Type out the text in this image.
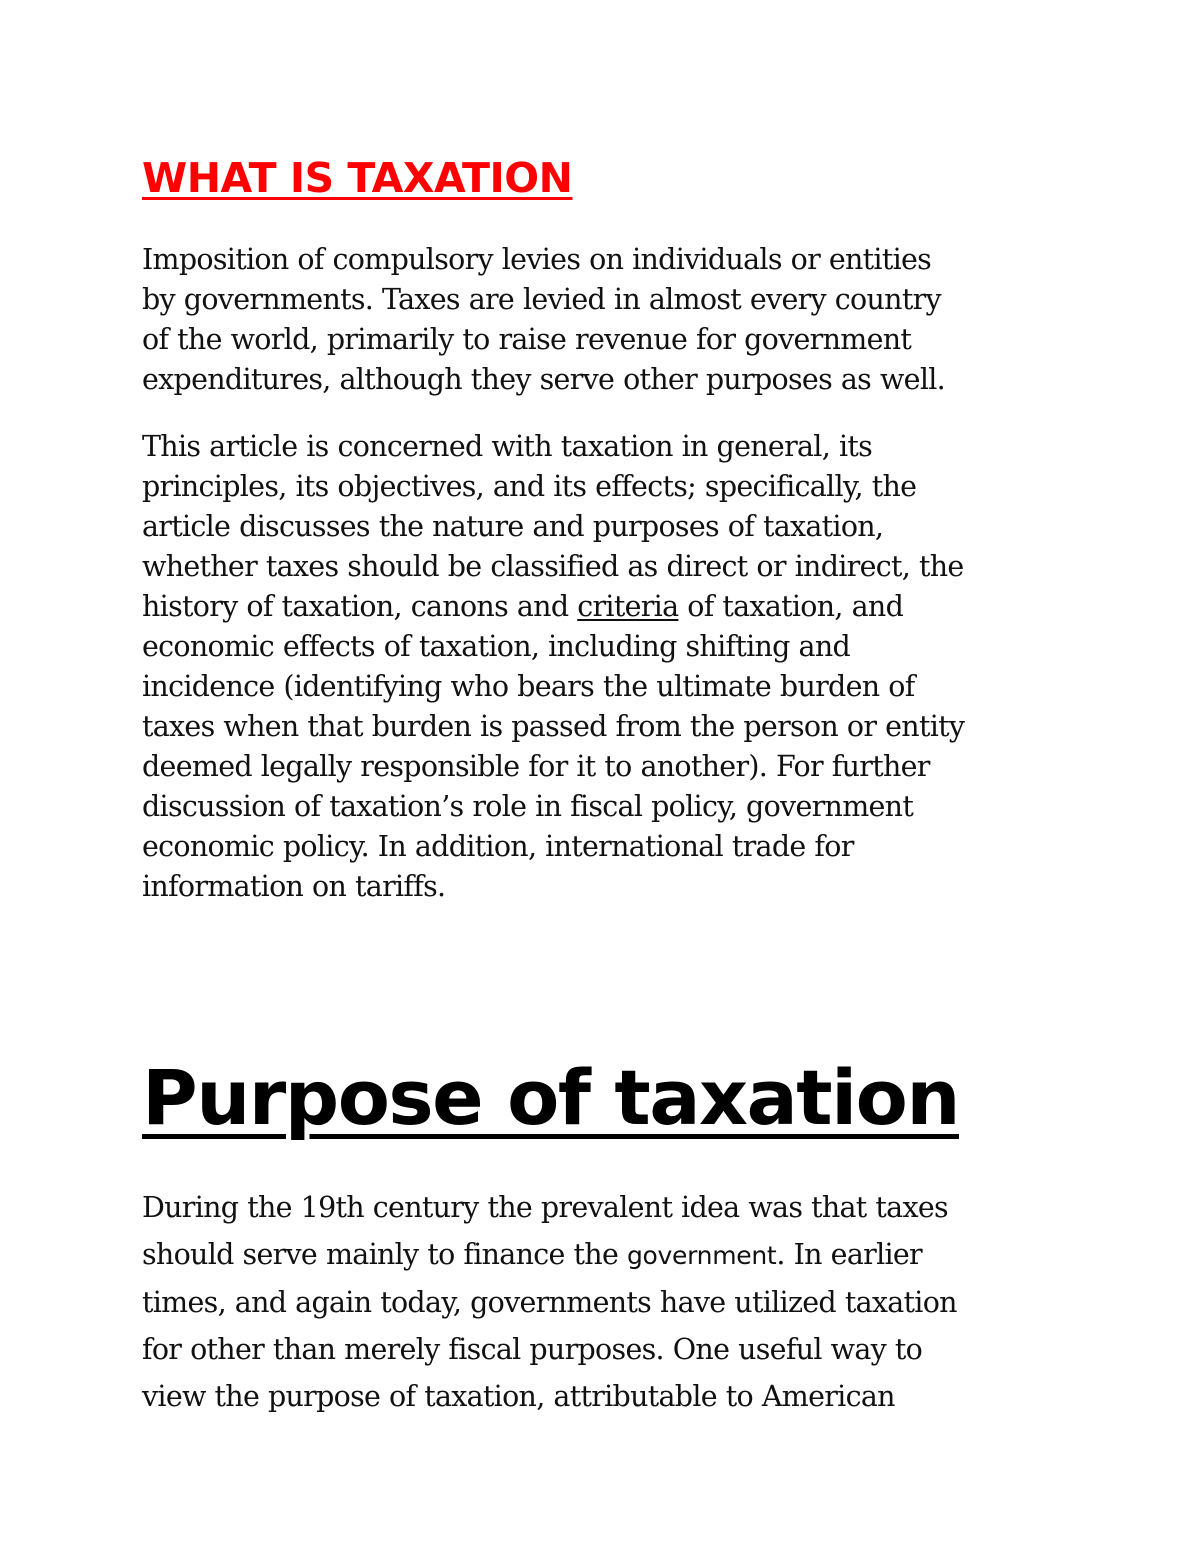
WHAT IS TAXATION

Imposition of compulsory levies on individuals or entities
by governments. Taxes are levied in almost every country
of the world, primarily to raise revenue for government
expenditures, although they serve other purposes as well.

This article is concerned with taxation in general, its
principles, its objectives, and its effects; specifically, the
article discusses the nature and purposes of taxation,
whether taxes should be classified as direct or indirect, the
history of taxation, canons and criteria of taxation, and
economic effects of taxation, including shifting and
incidence (identifying who bears the ultimate burden of
taxes when that burden is passed from the person or entity
deemed legally responsible for it to another). For further
discussion of taxation’s role in fiscal policy, government
economic policy. In addition, international trade for
information on tariffs.

Purpose of taxation

During the 19th century the prevalent idea was that taxes
should serve mainly to finance the government. In earlier
times, and again today, governments have utilized taxation
for other than merely fiscal purposes. One useful way to
view the purpose of taxation, attributable to American
